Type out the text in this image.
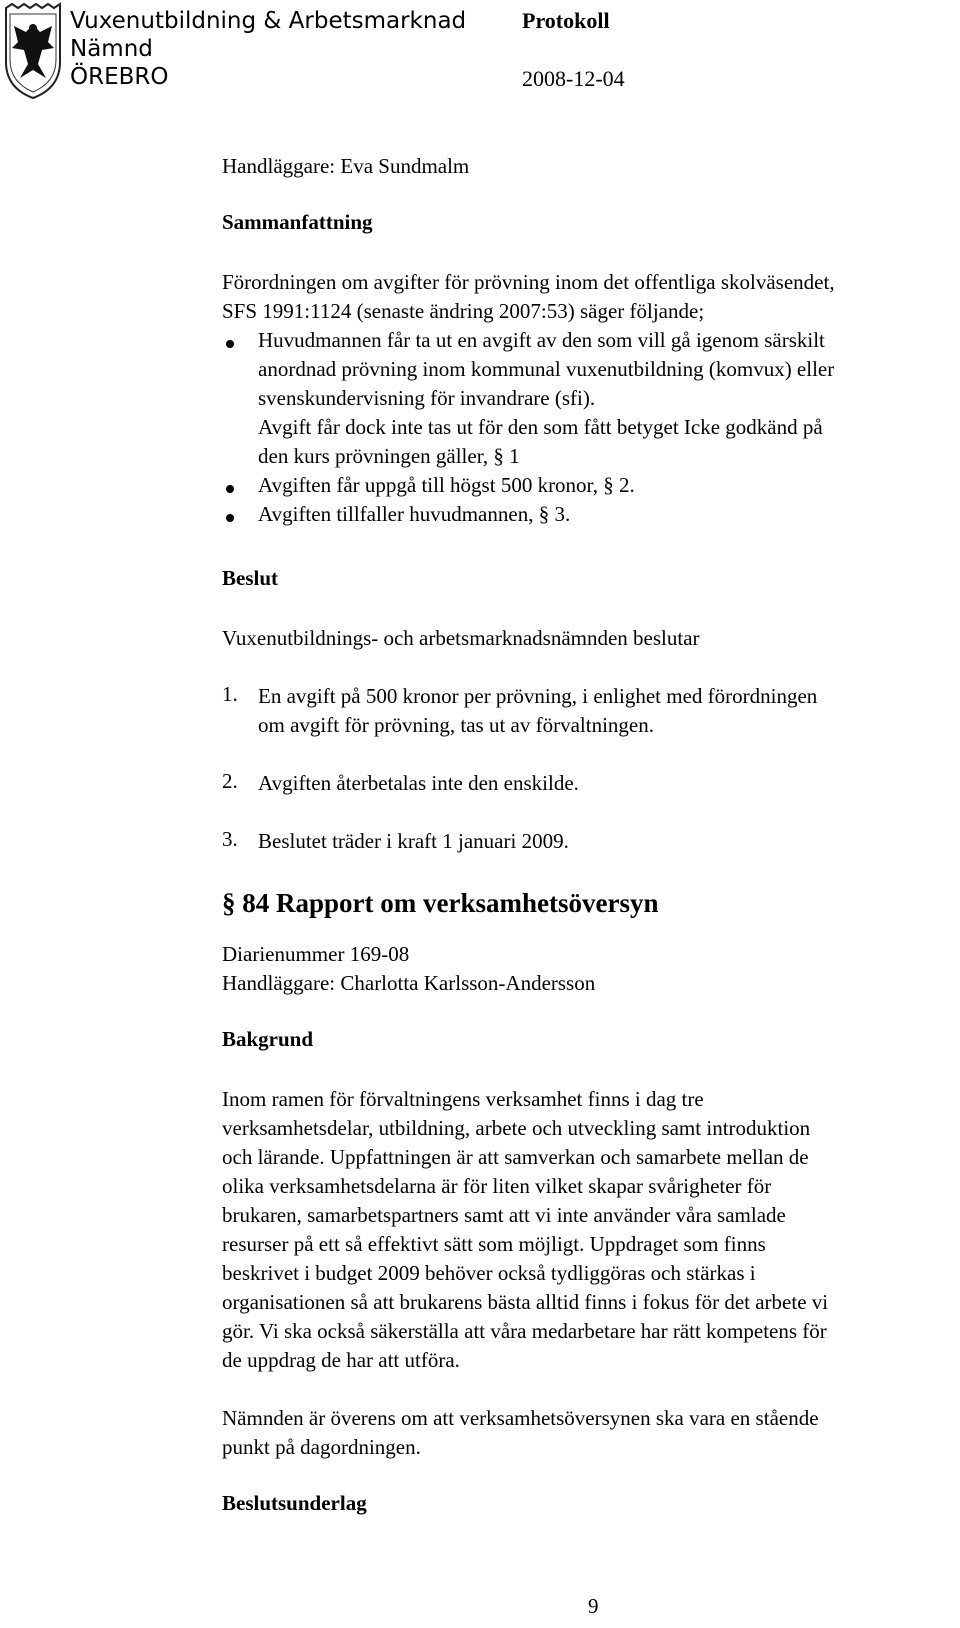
Vuxenutbildning & Arbetsmarknad
Nämnd
ÖREBRO
Protokoll
2008-12-04
Handläggare: Eva Sundmalm
Sammanfattning
Förordningen om avgifter för prövning inom det offentliga skolväsendet,
SFS 1991:1124 (senaste ändring 2007:53) säger följande;
Huvudmannen får ta ut en avgift av den som vill gå igenom särskilt
anordnad prövning inom kommunal vuxenutbildning (komvux) eller
svenskundervisning för invandrare (sfi).
Avgift får dock inte tas ut för den som fått betyget Icke godkänd på
den kurs prövningen gäller, § 1
Avgiften får uppgå till högst 500 kronor, § 2.
Avgiften tillfaller huvudmannen, § 3.
Beslut
Vuxenutbildnings- och arbetsmarknadsnämnden beslutar
1. En avgift på 500 kronor per prövning, i enlighet med förordningen
om avgift för prövning, tas ut av förvaltningen.
2. Avgiften återbetalas inte den enskilde.
3. Beslutet träder i kraft 1 januari 2009.
§ 84 Rapport om verksamhetsöversyn
Diarienummer 169-08
Handläggare: Charlotta Karlsson-Andersson
Bakgrund
Inom ramen för förvaltningens verksamhet finns i dag tre
verksamhetsdelar, utbildning, arbete och utveckling samt introduktion
och lärande. Uppfattningen är att samverkan och samarbete mellan de
olika verksamhetsdelarna är för liten vilket skapar svårigheter för
brukaren, samarbetspartners samt att vi inte använder våra samlade
resurser på ett så effektivt sätt som möjligt. Uppdraget som finns
beskrivet i budget 2009 behöver också tydliggöras och stärkas i
organisationen så att brukarens bästa alltid finns i fokus för det arbete vi
gör. Vi ska också säkerställa att våra medarbetare har rätt kompetens för
de uppdrag de har att utföra.
Nämnden är överens om att verksamhetsöversynen ska vara en stående
punkt på dagordningen.
Beslutsunderlag
9
